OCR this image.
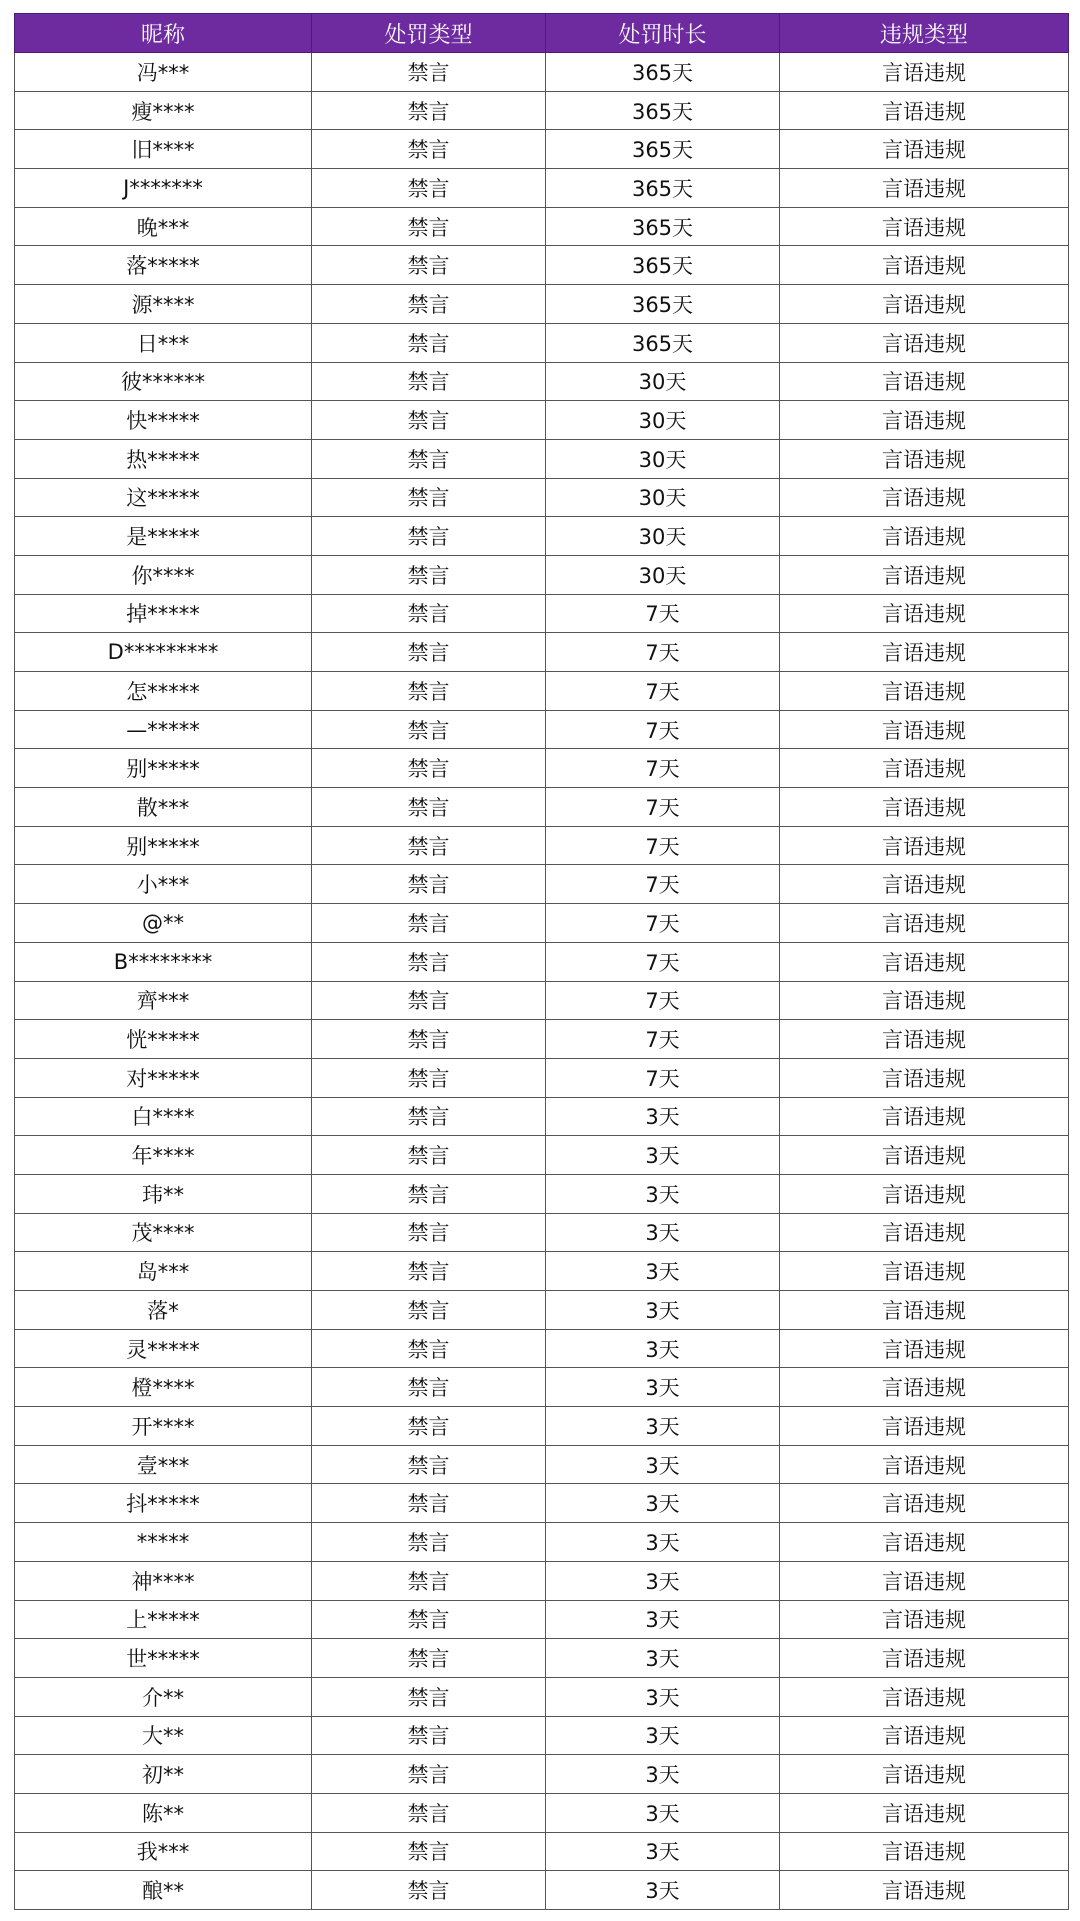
昵称	处罚类型	处罚时长	违规类型
冯***	禁言	365天	言语违规
瘦****	禁言	365天	言语违规
旧****	禁言	365天	言语违规
J*******	禁言	365天	言语违规
晚***	禁言	365天	言语违规
落*****	禁言	365天	言语违规
源****	禁言	365天	言语违规
日***	禁言	365天	言语违规
彼******	禁言	30天	言语违规
快*****	禁言	30天	言语违规
热*****	禁言	30天	言语违规
这*****	禁言	30天	言语违规
是*****	禁言	30天	言语违规
你****	禁言	30天	言语违规
掉*****	禁言	7天	言语违规
D*********	禁言	7天	言语违规
怎*****	禁言	7天	言语违规
—*****	禁言	7天	言语违规
别*****	禁言	7天	言语违规
散***	禁言	7天	言语违规
别*****	禁言	7天	言语违规
小***	禁言	7天	言语违规
@**	禁言	7天	言语违规
B********	禁言	7天	言语违规
齊***	禁言	7天	言语违规
恍*****	禁言	7天	言语违规
对*****	禁言	7天	言语违规
白****	禁言	3天	言语违规
年****	禁言	3天	言语违规
玮**	禁言	3天	言语违规
茂****	禁言	3天	言语违规
岛***	禁言	3天	言语违规
落*	禁言	3天	言语违规
灵*****	禁言	3天	言语违规
橙****	禁言	3天	言语违规
开****	禁言	3天	言语违规
壹***	禁言	3天	言语违规
抖*****	禁言	3天	言语违规
*****	禁言	3天	言语违规
神****	禁言	3天	言语违规
上*****	禁言	3天	言语违规
世*****	禁言	3天	言语违规
介**	禁言	3天	言语违规
大**	禁言	3天	言语违规
初**	禁言	3天	言语违规
陈**	禁言	3天	言语违规
我***	禁言	3天	言语违规
酿**	禁言	3天	言语违规
